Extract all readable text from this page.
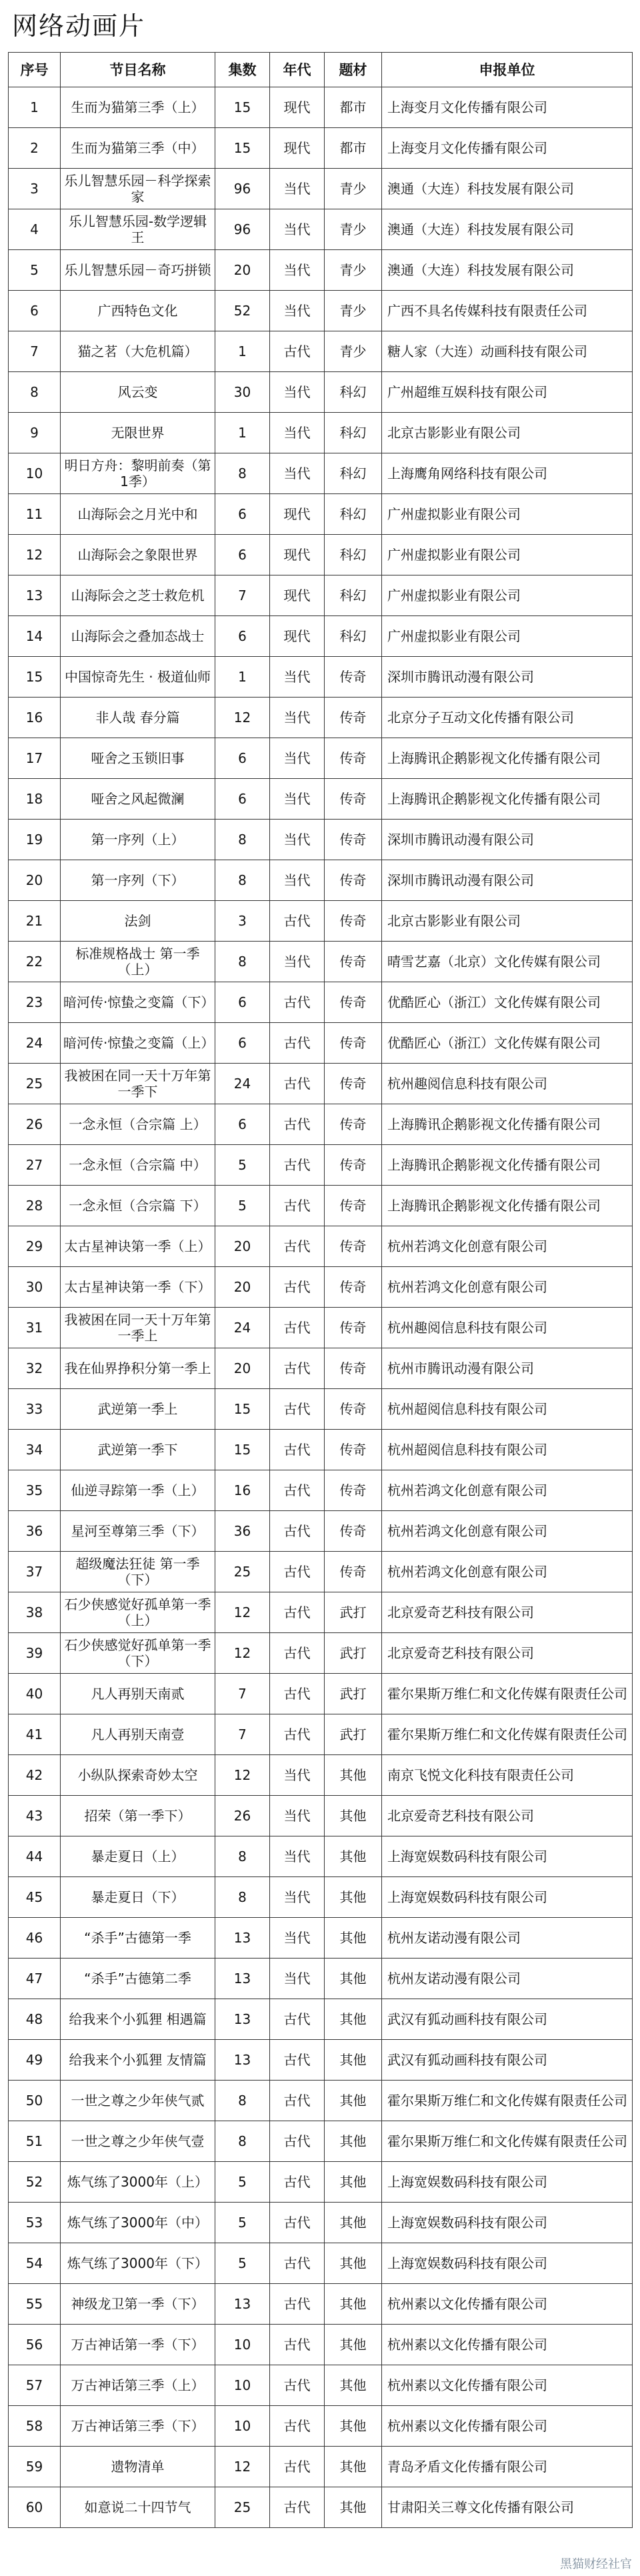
网络动画片
序号	节目名称	集数	年代	题材	申报单位
1	生而为猫第三季（上）	15	现代	都市	上海变月文化传播有限公司
2	生而为猫第三季（中）	15	现代	都市	上海变月文化传播有限公司
3	乐儿智慧乐园－科学探索家	96	当代	青少	澳通（大连）科技发展有限公司
4	乐儿智慧乐园-数学逻辑王	96	当代	青少	澳通（大连）科技发展有限公司
5	乐儿智慧乐园－奇巧拼锁	20	当代	青少	澳通（大连）科技发展有限公司
6	广西特色文化	52	当代	青少	广西不具名传媒科技有限责任公司
7	猫之茗（大危机篇）	1	古代	青少	糖人家（大连）动画科技有限公司
8	风云变	30	当代	科幻	广州超维互娱科技有限公司
9	无限世界	1	当代	科幻	北京古影影业有限公司
10	明日方舟：黎明前奏（第1季）	8	当代	科幻	上海鹰角网络科技有限公司
11	山海际会之月光中和	6	现代	科幻	广州虚拟影业有限公司
12	山海际会之象限世界	6	现代	科幻	广州虚拟影业有限公司
13	山海际会之芝士救危机	7	现代	科幻	广州虚拟影业有限公司
14	山海际会之叠加态战士	6	现代	科幻	广州虚拟影业有限公司
15	中国惊奇先生 · 极道仙师	1	当代	传奇	深圳市腾讯动漫有限公司
16	非人哉 春分篇	12	当代	传奇	北京分子互动文化传播有限公司
17	哑舍之玉锁旧事	6	当代	传奇	上海腾讯企鹅影视文化传播有限公司
18	哑舍之风起微澜	6	当代	传奇	上海腾讯企鹅影视文化传播有限公司
19	第一序列（上）	8	当代	传奇	深圳市腾讯动漫有限公司
20	第一序列（下）	8	当代	传奇	深圳市腾讯动漫有限公司
21	法剑	3	古代	传奇	北京古影影业有限公司
22	标准规格战士 第一季（上）	8	当代	传奇	晴雪艺嘉（北京）文化传媒有限公司
23	暗河传·惊蛰之变篇（下）	6	古代	传奇	优酷匠心（浙江）文化传媒有限公司
24	暗河传·惊蛰之变篇（上）	6	古代	传奇	优酷匠心（浙江）文化传媒有限公司
25	我被困在同一天十万年第一季下	24	古代	传奇	杭州趣阅信息科技有限公司
26	一念永恒（合宗篇 上）	6	古代	传奇	上海腾讯企鹅影视文化传播有限公司
27	一念永恒（合宗篇 中）	5	古代	传奇	上海腾讯企鹅影视文化传播有限公司
28	一念永恒（合宗篇 下）	5	古代	传奇	上海腾讯企鹅影视文化传播有限公司
29	太古星神诀第一季（上）	20	古代	传奇	杭州若鸿文化创意有限公司
30	太古星神诀第一季（下）	20	古代	传奇	杭州若鸿文化创意有限公司
31	我被困在同一天十万年第一季上	24	古代	传奇	杭州趣阅信息科技有限公司
32	我在仙界挣积分第一季上	20	古代	传奇	杭州市腾讯动漫有限公司
33	武逆第一季上	15	古代	传奇	杭州超阅信息科技有限公司
34	武逆第一季下	15	古代	传奇	杭州超阅信息科技有限公司
35	仙逆寻踪第一季（上）	16	古代	传奇	杭州若鸿文化创意有限公司
36	星河至尊第三季（下）	36	古代	传奇	杭州若鸿文化创意有限公司
37	超级魔法狂徒 第一季（下）	25	古代	传奇	杭州若鸿文化创意有限公司
38	石少侠感觉好孤单第一季（上）	12	古代	武打	北京爱奇艺科技有限公司
39	石少侠感觉好孤单第一季（下）	12	古代	武打	北京爱奇艺科技有限公司
40	凡人再别天南贰	7	古代	武打	霍尔果斯万维仁和文化传媒有限责任公司
41	凡人再别天南壹	7	古代	武打	霍尔果斯万维仁和文化传媒有限责任公司
42	小纵队探索奇妙太空	12	当代	其他	南京飞悦文化科技有限责任公司
43	招荣（第一季下）	26	当代	其他	北京爱奇艺科技有限公司
44	暴走夏日（上）	8	当代	其他	上海宽娱数码科技有限公司
45	暴走夏日（下）	8	当代	其他	上海宽娱数码科技有限公司
46	“杀手”古德第一季	13	当代	其他	杭州友诺动漫有限公司
47	“杀手”古德第二季	13	当代	其他	杭州友诺动漫有限公司
48	给我来个小狐狸 相遇篇	13	古代	其他	武汉有狐动画科技有限公司
49	给我来个小狐狸 友情篇	13	古代	其他	武汉有狐动画科技有限公司
50	一世之尊之少年侠气贰	8	古代	其他	霍尔果斯万维仁和文化传媒有限责任公司
51	一世之尊之少年侠气壹	8	古代	其他	霍尔果斯万维仁和文化传媒有限责任公司
52	炼气练了3000年（上）	5	古代	其他	上海宽娱数码科技有限公司
53	炼气练了3000年（中）	5	古代	其他	上海宽娱数码科技有限公司
54	炼气练了3000年（下）	5	古代	其他	上海宽娱数码科技有限公司
55	神级龙卫第一季（下）	13	古代	其他	杭州素以文化传播有限公司
56	万古神话第一季（下）	10	古代	其他	杭州素以文化传播有限公司
57	万古神话第三季（上）	10	古代	其他	杭州素以文化传播有限公司
58	万古神话第三季（下）	10	古代	其他	杭州素以文化传播有限公司
59	遗物清单	12	古代	其他	青岛矛盾文化传播有限公司
60	如意说二十四节气	25	古代	其他	甘肃阳关三尊文化传播有限公司
黑猫财经社官
